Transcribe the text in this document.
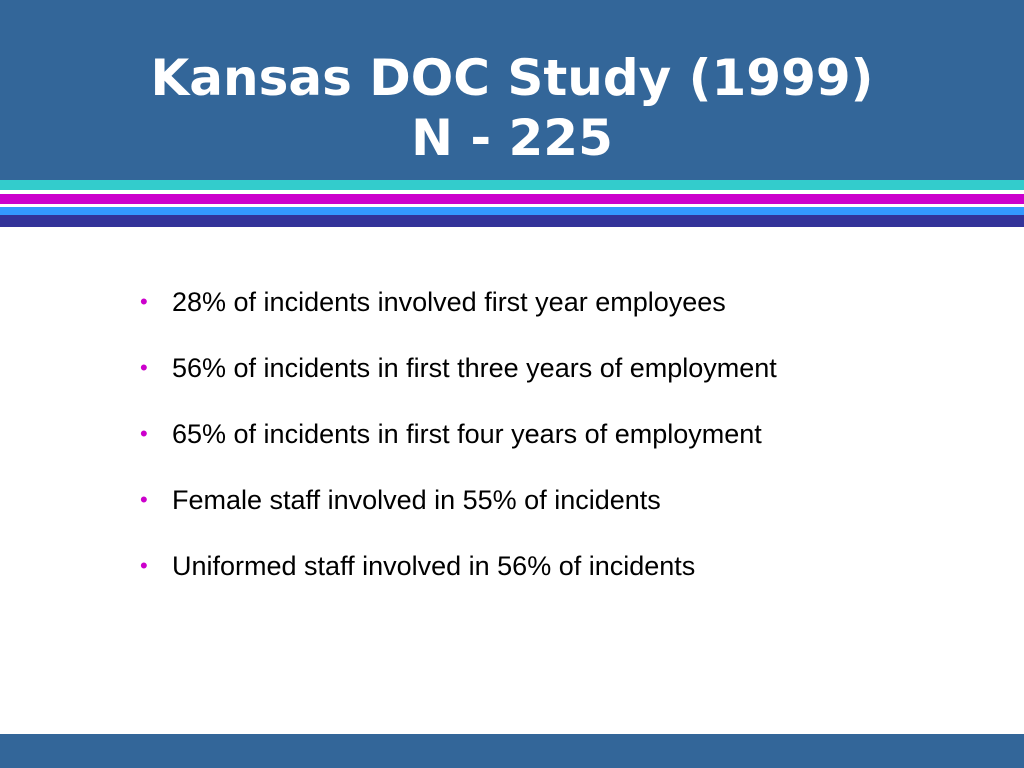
Kansas DOC Study (1999)
N - 225
• 28% of incidents involved first year employees
• 56% of incidents in first three years of employment
• 65% of incidents in first four years of employment
• Female staff involved in 55% of incidents
• Uniformed staff involved in 56% of incidents
